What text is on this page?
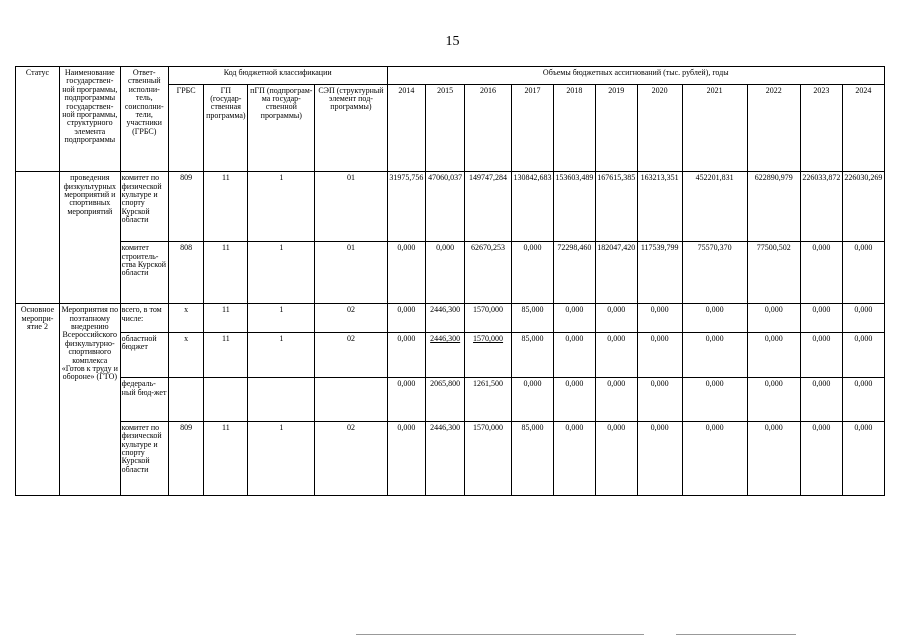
15
Статус	Наименование государствен-ной программы, подпрограммы государствен-ной программы, структурного элемента подпрограммы	Ответ-ственный исполни-тель, соисполни-тели, участники (ГРБС)	Код бюджетной классификации				Объемы бюджетных ассигнований (тыс. рублей), годы										
			ГРБС	ГП (государ-ственная программа)	пГП (подпрограм-ма государ-ственной программы)	СЭП (структурный элемент под-программы)	2014	2015	2016	2017	2018	2019	2020	2021	2022	2023	2024
	проведения физкультурных мероприятий и спортивных мероприятий	комитет по физической культуре и спорту Курской области	809	11	1	01	31975,756	47060,037	149747,284	130842,683	153603,489	167615,385	163213,351	452201,831	622890,979	226033,872	226030,269
		комитет строитель-ства Курской области	808	11	1	01	0,000	0,000	62670,253	0,000	72298,460	182047,420	117539,799	75570,370	77500,502	0,000	0,000
Основное меропри-ятие 2	Мероприятия по поэтапному внедрению Всероссийского физкультурно-спортивного комплекса «Готов к труду и обороне» (ГТО)	всего, в том числе:	x	11	1	02	0,000	2446,300	1570,000	85,000	0,000	0,000	0,000	0,000	0,000	0,000	0,000
		областной бюджет	x	11	1	02	0,000	2446,300	1570,000	85,000	0,000	0,000	0,000	0,000	0,000	0,000	0,000
		федераль-ный бюд-жет					0,000	2065,800	1261,500	0,000	0,000	0,000	0,000	0,000	0,000	0,000	0,000
		комитет по физической культуре и спорту Курской области	809	11	1	02	0,000	2446,300	1570,000	85,000	0,000	0,000	0,000	0,000	0,000	0,000	0,000
